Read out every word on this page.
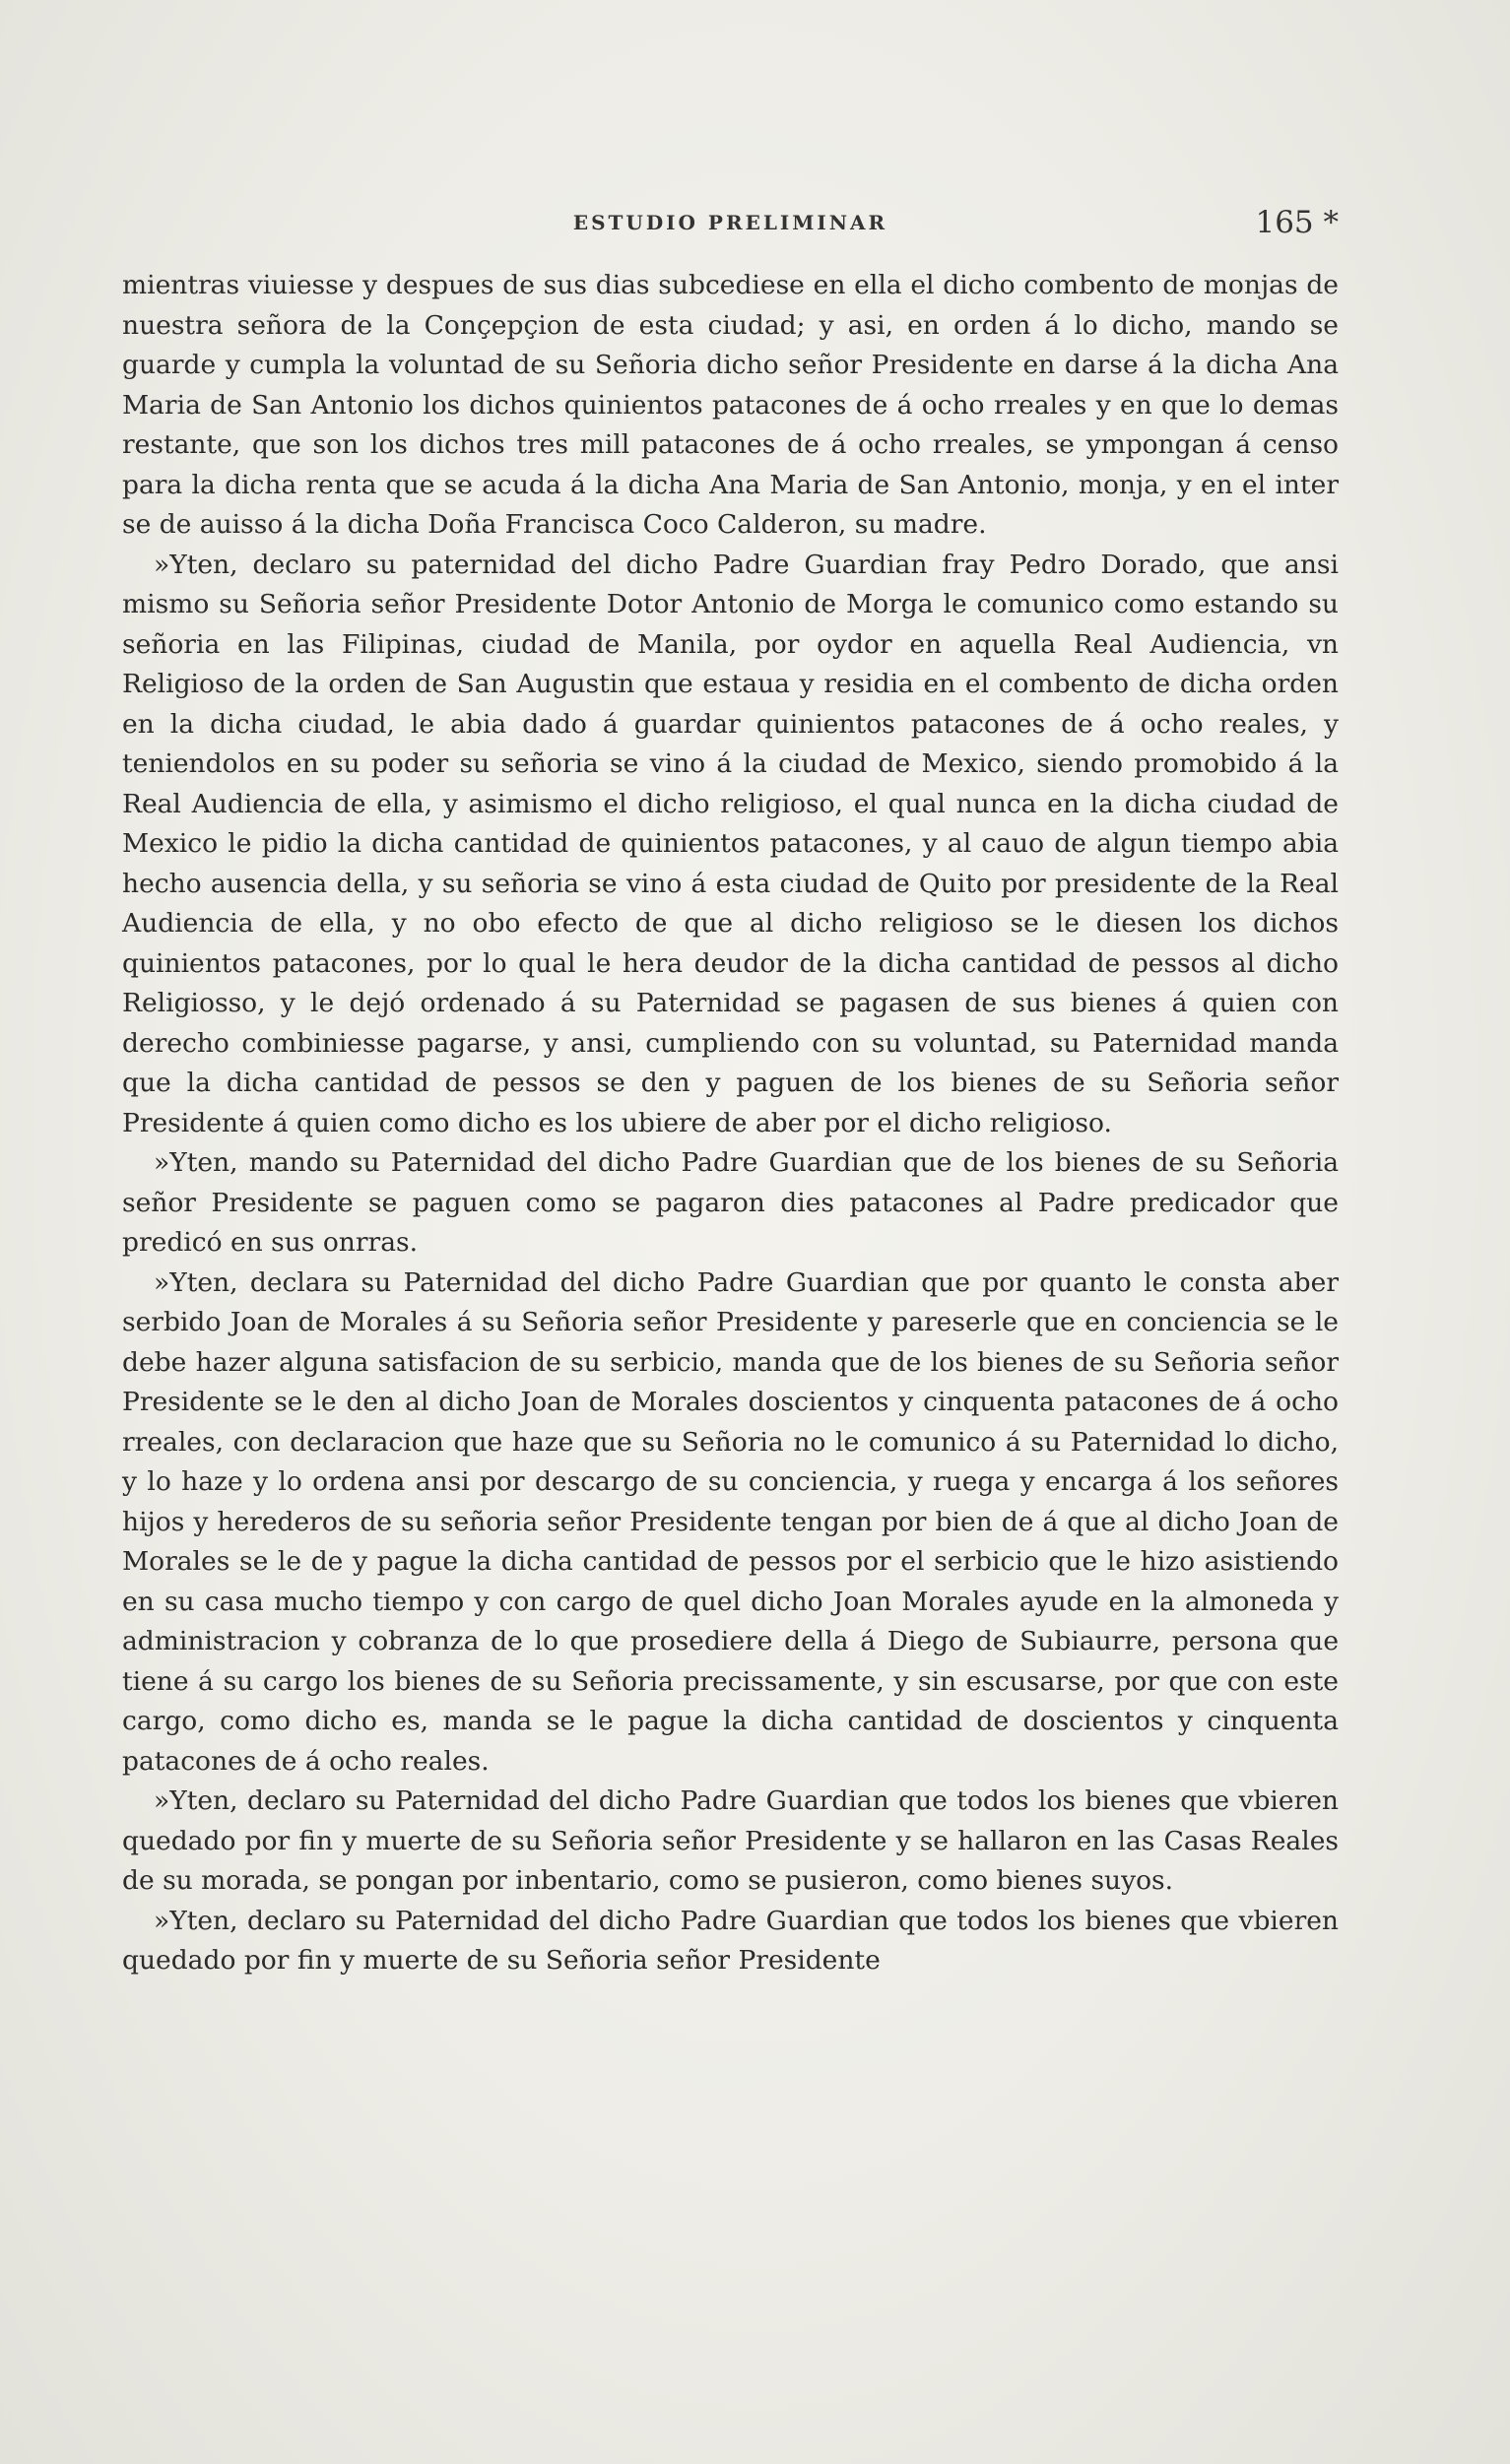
ESTUDIO PRELIMINAR	165 *

mientras viuiesse y despues de sus dias subcediese en ella el dicho combento de monjas de nuestra señora de la Conçepçion de esta ciudad; y asi, en orden á lo dicho, mando se guarde y cumpla la voluntad de su Señoria dicho señor Presidente en darse á la dicha Ana Maria de San Antonio los dichos quinientos patacones de á ocho rreales y en que lo demas restante, que son los dichos tres mill patacones de á ocho rreales, se ympongan á censo para la dicha renta que se acuda á la dicha Ana Maria de San Antonio, monja, y en el inter se de auisso á la dicha Doña Francisca Coco Calderon, su madre.

»Yten, declaro su paternidad del dicho Padre Guardian fray Pedro Dorado, que ansi mismo su Señoria señor Presidente Dotor Antonio de Morga le comunico como estando su señoria en las Filipinas, ciudad de Manila, por oydor en aquella Real Audiencia, vn Religioso de la orden de San Augustin que estaua y residia en el combento de dicha orden en la dicha ciudad, le abia dado á guardar quinientos patacones de á ocho reales, y teniendolos en su poder su señoria se vino á la ciudad de Mexico, siendo promobido á la Real Audiencia de ella, y asimismo el dicho religioso, el qual nunca en la dicha ciudad de Mexico le pidio la dicha cantidad de quinientos patacones, y al cauo de algun tiempo abia hecho ausencia della, y su señoria se vino á esta ciudad de Quito por presidente de la Real Audiencia de ella, y no obo efecto de que al dicho religioso se le diesen los dichos quinientos patacones, por lo qual le hera deudor de la dicha cantidad de pessos al dicho Religiosso, y le dejó ordenado á su Paternidad se pagasen de sus bienes á quien con derecho combiniesse pagarse, y ansi, cumpliendo con su voluntad, su Paternidad manda que la dicha cantidad de pessos se den y paguen de los bienes de su Señoria señor Presidente á quien como dicho es los ubiere de aber por el dicho religioso.

»Yten, mando su Paternidad del dicho Padre Guardian que de los bienes de su Señoria señor Presidente se paguen como se pagaron dies patacones al Padre predicador que predicó en sus onrras.

»Yten, declara su Paternidad del dicho Padre Guardian que por quanto le consta aber serbido Joan de Morales á su Señoria señor Presidente y pareserle que en conciencia se le debe hazer alguna satisfacion de su serbicio, manda que de los bienes de su Señoria señor Presidente se le den al dicho Joan de Morales doscientos y cinquenta patacones de á ocho rreales, con declaracion que haze que su Señoria no le comunico á su Paternidad lo dicho, y lo haze y lo ordena ansi por descargo de su conciencia, y ruega y encarga á los señores hijos y herederos de su señoria señor Presidente tengan por bien de á que al dicho Joan de Morales se le de y pague la dicha cantidad de pessos por el serbicio que le hizo asistiendo en su casa mucho tiempo y con cargo de quel dicho Joan Morales ayude en la almoneda y administracion y cobranza de lo que prosediere della á Diego de Subiaurre, persona que tiene á su cargo los bienes de su Señoria precissamente, y sin escusarse, por que con este cargo, como dicho es, manda se le pague la dicha cantidad de doscientos y cinquenta patacones de á ocho reales.

»Yten, declaro su Paternidad del dicho Padre Guardian que todos los bienes que vbieren quedado por fin y muerte de su Señoria señor Presidente y se hallaron en las Casas Reales de su morada, se pongan por inbentario, como se pusieron, como bienes suyos.

»Yten, declaro su Paternidad del dicho Padre Guardian que todos los bienes que vbieren quedado por fin y muerte de su Señoria señor Presidente
